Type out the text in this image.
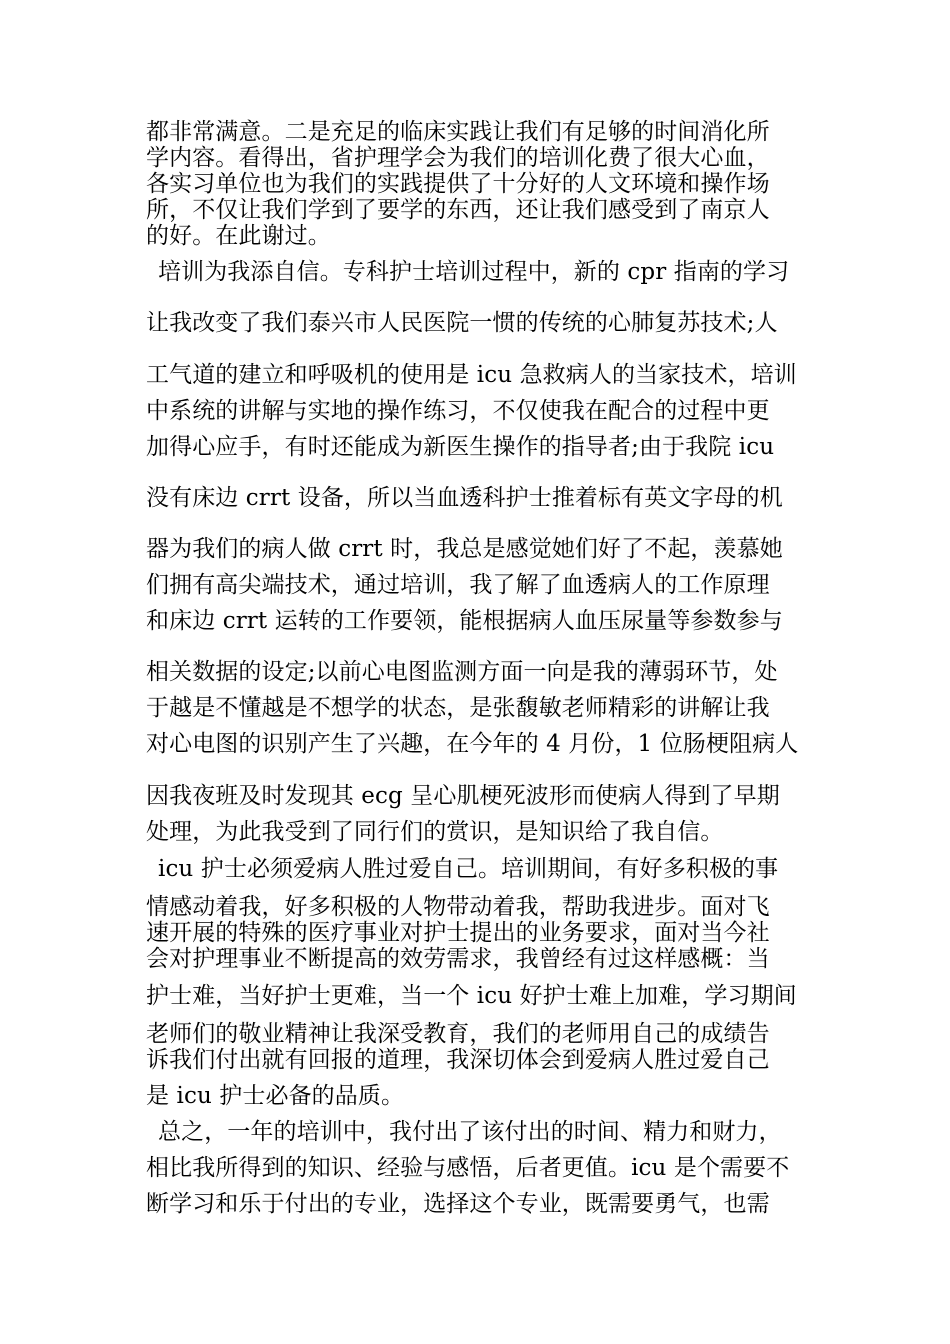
都非常满意。二是充足的临床实践让我们有足够的时间消化所
学内容。看得出，省护理学会为我们的培训化费了很大心血，
各实习单位也为我们的实践提供了十分好的人文环境和操作场
所，不仅让我们学到了要学的东西，还让我们感受到了南京人
的好。在此谢过。
培训为我添自信。专科护士培训过程中，新的 cpr 指南的学习
让我改变了我们泰兴市人民医院一惯的传统的心肺复苏技术;人
工气道的建立和呼吸机的使用是 icu 急救病人的当家技术，培训
中系统的讲解与实地的操作练习，不仅使我在配合的过程中更
加得心应手，有时还能成为新医生操作的指导者;由于我院 icu
没有床边 crrt 设备，所以当血透科护士推着标有英文字母的机
器为我们的病人做 crrt 时，我总是感觉她们好了不起，羡慕她
们拥有高尖端技术，通过培训，我了解了血透病人的工作原理
和床边 crrt 运转的工作要领，能根据病人血压尿量等参数参与
相关数据的设定;以前心电图监测方面一向是我的薄弱环节，处
于越是不懂越是不想学的状态，是张馥敏老师精彩的讲解让我
对心电图的识别产生了兴趣，在今年的 4 月份，1 位肠梗阻病人
因我夜班及时发现其 ecg 呈心肌梗死波形而使病人得到了早期
处理，为此我受到了同行们的赏识，是知识给了我自信。
icu 护士必须爱病人胜过爱自己。培训期间，有好多积极的事
情感动着我，好多积极的人物带动着我，帮助我进步。面对飞
速开展的特殊的医疗事业对护士提出的业务要求，面对当今社
会对护理事业不断提高的效劳需求，我曾经有过这样感概：当
护士难，当好护士更难，当一个 icu 好护士难上加难，学习期间
老师们的敬业精神让我深受教育，我们的老师用自己的成绩告
诉我们付出就有回报的道理，我深切体会到爱病人胜过爱自己
是 icu 护士必备的品质。
总之，一年的培训中，我付出了该付出的时间、精力和财力，
相比我所得到的知识、经验与感悟，后者更值。icu 是个需要不
断学习和乐于付出的专业，选择这个专业，既需要勇气，也需
